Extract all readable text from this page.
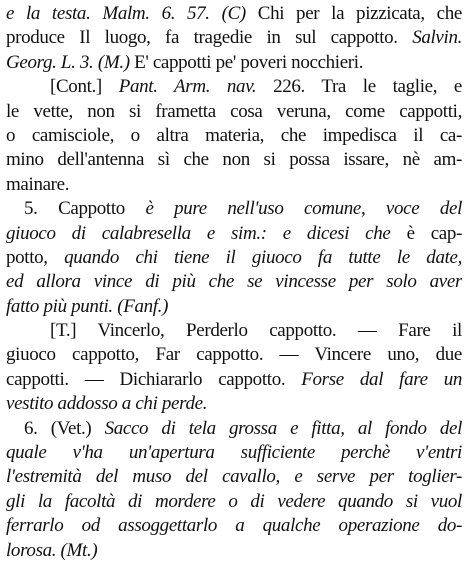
e la testa. Malm. 6. 57. (C) Chi per la pizzicata, che
produce Il luogo, fa tragedie in sul cappotto. Salvin.
Georg. L. 3. (M.) E' cappotti pe' poveri nocchieri.
[Cont.] Pant. Arm. nav. 226. Tra le taglie, e
le vette, non si frametta cosa veruna, come cappotti,
o camisciole, o altra materia, che impedisca il ca-
mino dell'antenna sì che non si possa issare, nè am-
mainare.
5. Cappotto è pure nell'uso comune, voce del
giuoco di calabresella e sim.: e dicesi che è cap-
potto, quando chi tiene il giuoco fa tutte le date,
ed allora vince di più che se vincesse per solo aver
fatto più punti. (Fanf.)
[T.] Vincerlo, Perderlo cappotto. — Fare il
giuoco cappotto, Far cappotto. — Vincere uno, due
cappotti. — Dichiararlo cappotto. Forse dal fare un
vestito addosso a chi perde.
6. (Vet.) Sacco di tela grossa e fitta, al fondo del
quale v'ha un'apertura sufficiente perchè v'entri
l'estremità del muso del cavallo, e serve per toglier-
gli la facoltà di mordere o di vedere quando si vuol
ferrarlo od assoggettarlo a qualche operazione do-
lorosa. (Mt.)
